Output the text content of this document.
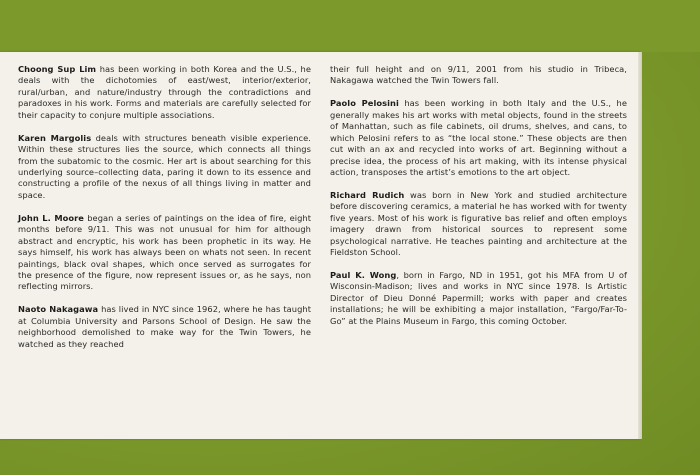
Choong Sup Lim has been working in both Korea and the U.S., he deals with the dichotomies of east/west, interior/exterior, rural/urban, and nature/industry through the contradictions and paradoxes in his work. Forms and materials are carefully selected for their capacity to conjure multiple associations.

Karen Margolis deals with structures beneath visible experience. Within these structures lies the source, which connects all things from the subatomic to the cosmic. Her art is about searching for this underlying source–collecting data, paring it down to its essence and constructing a profile of the nexus of all things living in matter and space.

John L. Moore began a series of paintings on the idea of fire, eight months before 9/11. This was not unusual for him for although abstract and encryptic, his work has been prophetic in its way. He says himself, his work has always been on whats not seen. In recent paintings, black oval shapes, which once served as surrogates for the presence of the figure, now represent issues or, as he says, non reflecting mirrors.

Naoto Nakagawa has lived in NYC since 1962, where he has taught at Columbia University and Parsons School of Design. He saw the neighborhood demolished to make way for the Twin Towers, he watched as they reached

their full height and on 9/11, 2001 from his studio in Tribeca, Nakagawa watched the Twin Towers fall.

Paolo Pelosini has been working in both Italy and the U.S., he generally makes his art works with metal objects, found in the streets of Manhattan, such as file cabinets, oil drums, shelves, and cans, to which Pelosini refers to as “the local stone.” These objects are then cut with an ax and recycled into works of art. Beginning without a precise idea, the process of his art making, with its intense physical action, transposes the artist’s emotions to the art object.

Richard Rudich was born in New York and studied architecture before discovering ceramics, a material he has worked with for twenty five years. Most of his work is figurative bas relief and often employs imagery drawn from historical sources to represent some psychological narrative. He teaches painting and architecture at the Fieldston School.

Paul K. Wong, born in Fargo, ND in 1951, got his MFA from U of Wisconsin-Madison; lives and works in NYC since 1978. Is Artistic Director of Dieu Donné Papermill; works with paper and creates installations; he will be exhibiting a major installation, “Fargo/Far-To-Go” at the Plains Museum in Fargo, this coming October.
